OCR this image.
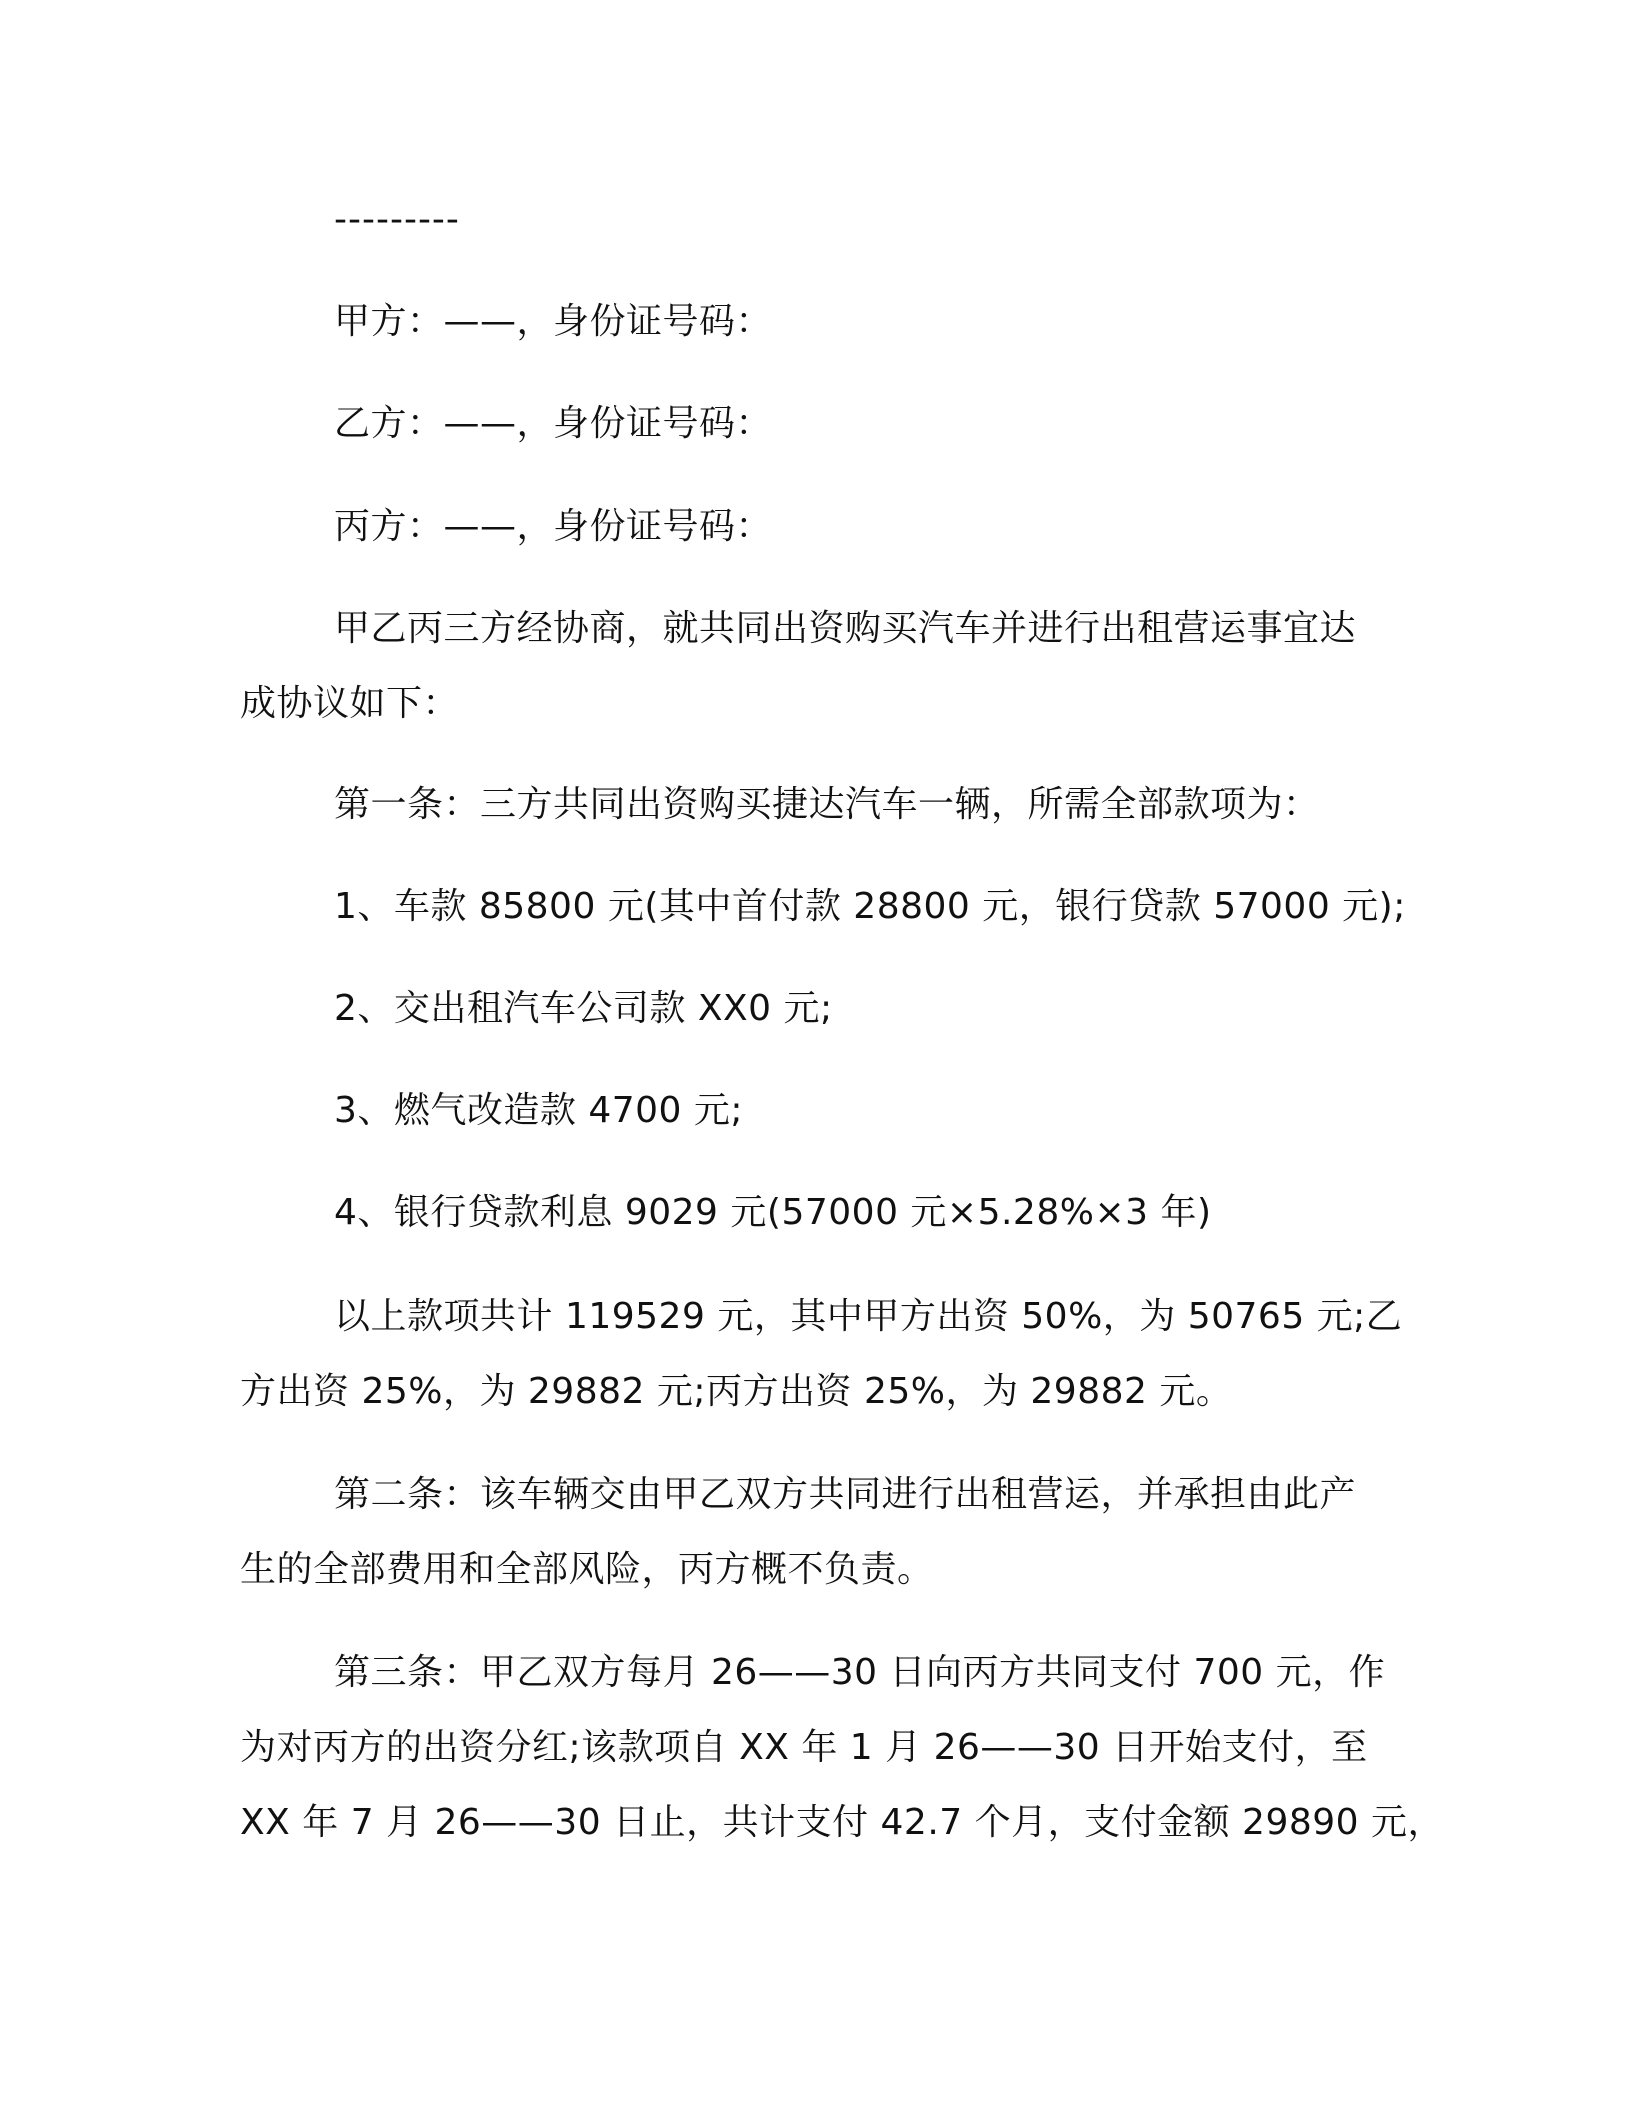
---------
甲方：——，身份证号码：
乙方：——，身份证号码：
丙方：——，身份证号码：
甲乙丙三方经协商，就共同出资购买汽车并进行出租营运事宜达
成协议如下：
第一条：三方共同出资购买捷达汽车一辆，所需全部款项为：
1、车款 85800 元(其中首付款 28800 元，银行贷款 57000 元);
2、交出租汽车公司款 XX0 元;
3、燃气改造款 4700 元;
4、银行贷款利息 9029 元(57000 元×5.28%×3 年)
以上款项共计 119529 元，其中甲方出资 50%，为 50765 元;乙
方出资 25%，为 29882 元;丙方出资 25%，为 29882 元。
第二条：该车辆交由甲乙双方共同进行出租营运，并承担由此产
生的全部费用和全部风险，丙方概不负责。
第三条：甲乙双方每月 26——30 日向丙方共同支付 700 元，作
为对丙方的出资分红;该款项自 XX 年 1 月 26——30 日开始支付，至
XX 年 7 月 26——30 日止，共计支付 42.7 个月，支付金额 29890 元，
